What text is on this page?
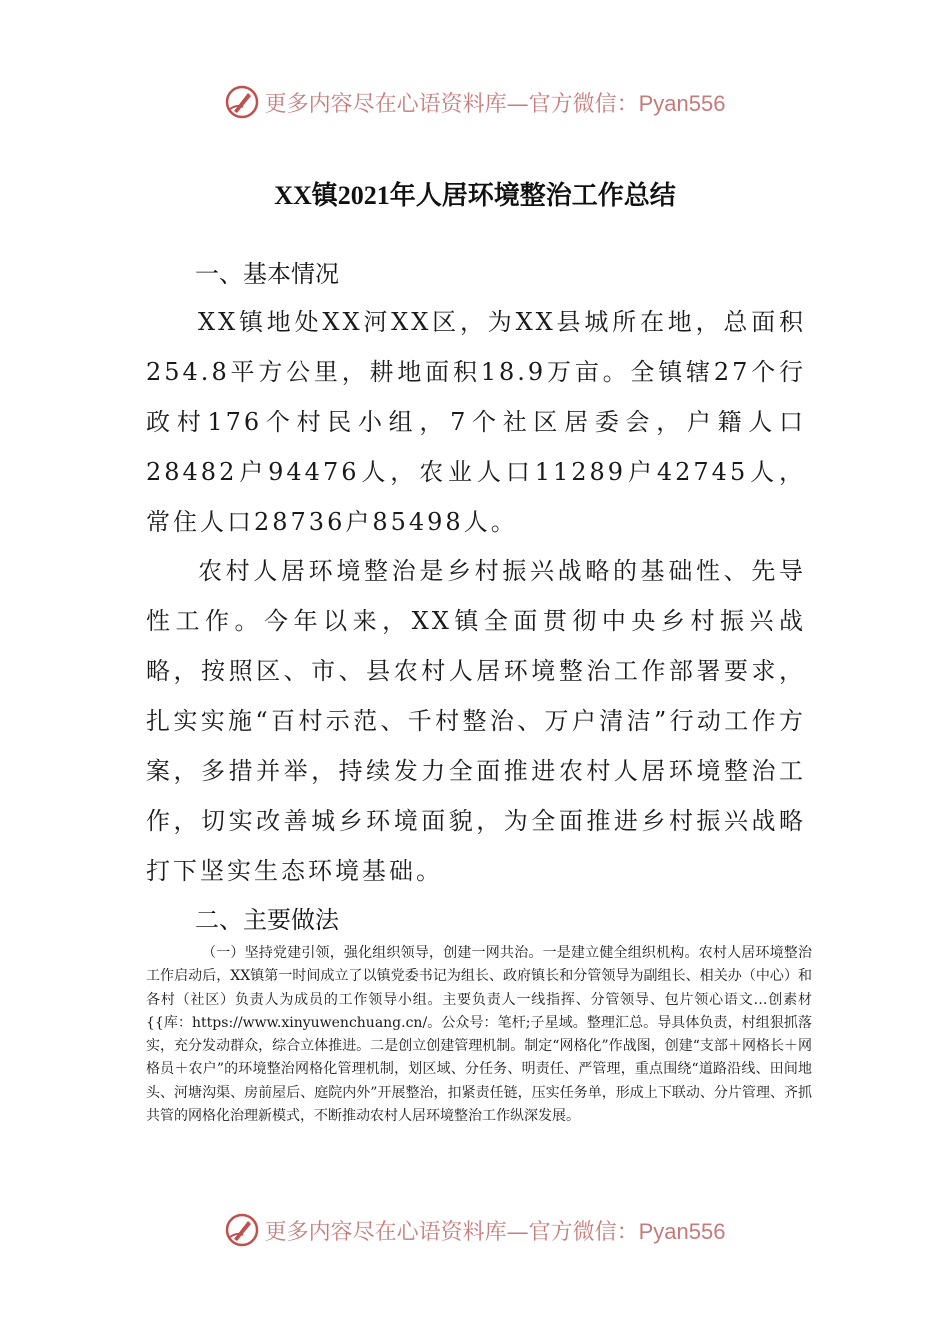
更多内容尽在心语资料库—官方微信：Pyan556
XX镇2021年人居环境整治工作总结
一、基本情况

XX镇地处XX河XX区，为XX县城所在地，总面积254.8平方公里，耕地面积18.9万亩。全镇辖27个行政村176个村民小组，7个社区居委会，户籍人口28482户94476人，农业人口11289户42745人，常住人口28736户85498人。

农村人居环境整治是乡村振兴战略的基础性、先导性工作。今年以来，XX镇全面贯彻中央乡村振兴战略，按照区、市、县农村人居环境整治工作部署要求，扎实实施“百村示范、千村整治、万户清洁”行动工作方案，多措并举，持续发力全面推进农村人居环境整治工作，切实改善城乡环境面貌，为全面推进乡村振兴战略打下坚实生态环境基础。

二、主要做法

（一）坚持党建引领，强化组织领导，创建一网共治。一是建立健全组织机构。农村人居环境整治工作启动后，XX镇第一时间成立了以镇党委书记为组长、政府镇长和分管领导为副组长、相关办（中心）和各村（社区）负责人为成员的工作领导小组。主要负责人一线指挥、分管领导、包片领心语文…创素材{{库：https://www.xinyuwenchuang.cn/。公众号：笔杆;子星域。整理汇总。导具体负责，村组狠抓落实，充分发动群众，综合立体推进。二是创立创建管理机制。制定“网格化”作战图，创建“支部＋网格长＋网格员＋农户”的环境整治网格化管理机制，划区域、分任务、明责任、严管理，重点围绕“道路沿线、田间地头、河塘沟渠、房前屋后、庭院内外”开展整治，扣紧责任链，压实任务单，形成上下联动、分片管理、齐抓共管的网格化治理新模式，不断推动农村人居环境整治工作纵深发展。

更多内容尽在心语资料库—官方微信：Pyan556
